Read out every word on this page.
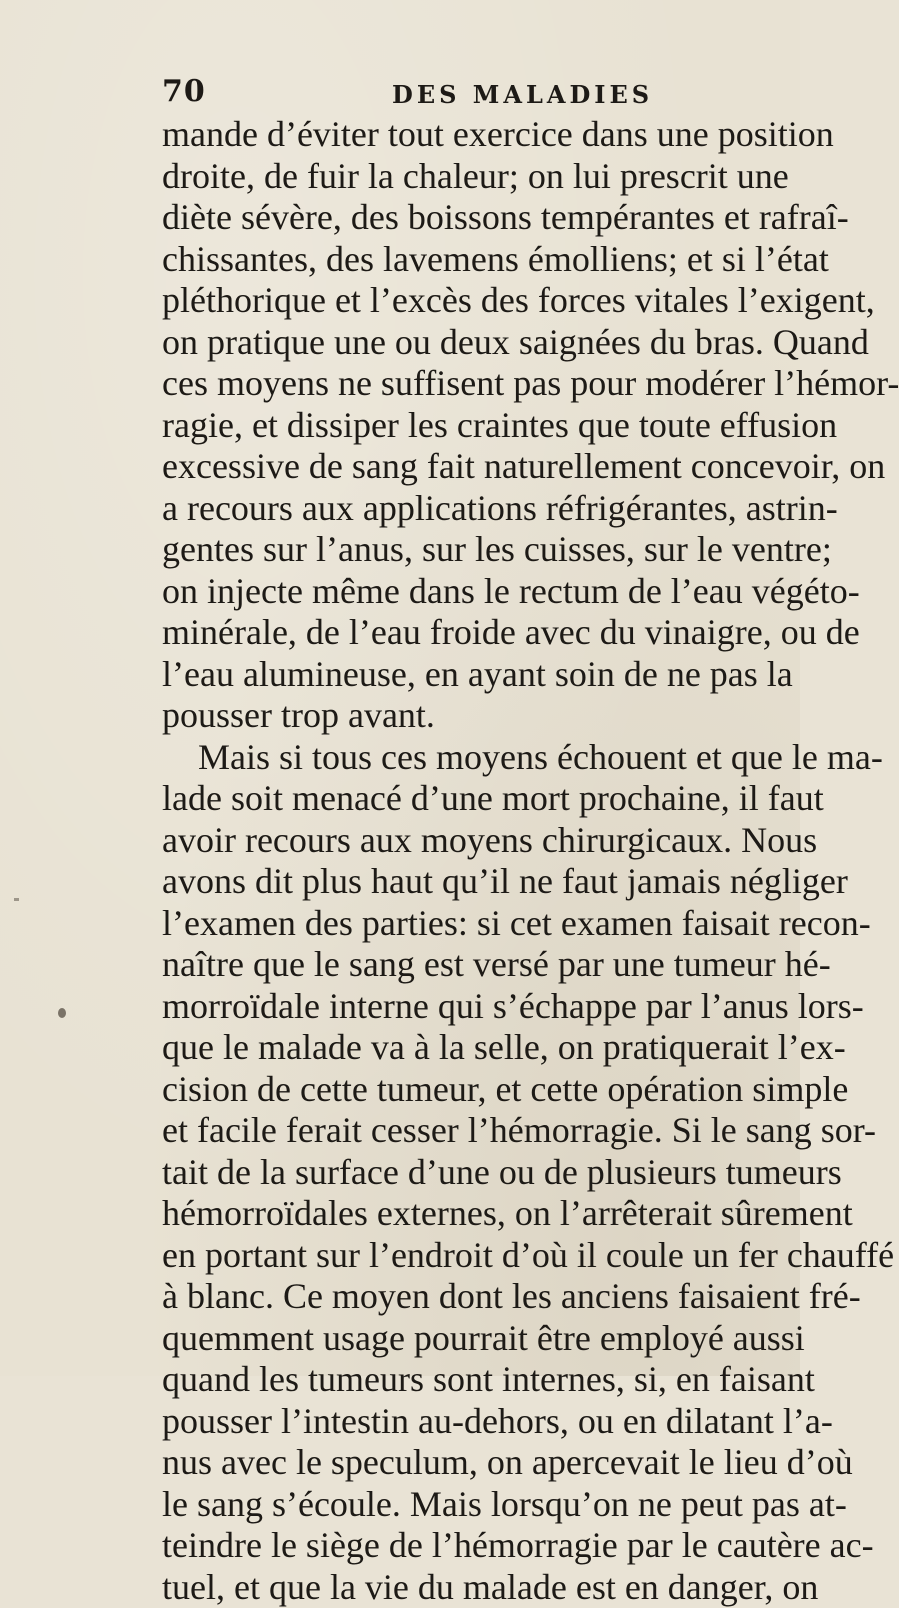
70	DES MALADIES
mande d’éviter tout exercice dans une position
droite, de fuir la chaleur; on lui prescrit une
diète sévère, des boissons tempérantes et rafraî-
chissantes, des lavemens émolliens; et si l’état
pléthorique et l’excès des forces vitales l’exigent,
on pratique une ou deux saignées du bras. Quand
ces moyens ne suffisent pas pour modérer l’hémor-
ragie, et dissiper les craintes que toute effusion
excessive de sang fait naturellement concevoir, on
a recours aux applications réfrigérantes, astrin-
gentes sur l’anus, sur les cuisses, sur le ventre;
on injecte même dans le rectum de l’eau végéto-
minérale, de l’eau froide avec du vinaigre, ou de
l’eau alumineuse, en ayant soin de ne pas la
pousser trop avant.
Mais si tous ces moyens échouent et que le ma-
lade soit menacé d’une mort prochaine, il faut
avoir recours aux moyens chirurgicaux. Nous
avons dit plus haut qu’il ne faut jamais négliger
l’examen des parties: si cet examen faisait recon-
naître que le sang est versé par une tumeur hé-
morroïdale interne qui s’échappe par l’anus lors-
que le malade va à la selle, on pratiquerait l’ex-
cision de cette tumeur, et cette opération simple
et facile ferait cesser l’hémorragie. Si le sang sor-
tait de la surface d’une ou de plusieurs tumeurs
hémorroïdales externes, on l’arrêterait sûrement
en portant sur l’endroit d’où il coule un fer chauffé
à blanc. Ce moyen dont les anciens faisaient fré-
quemment usage pourrait être employé aussi
quand les tumeurs sont internes, si, en faisant
pousser l’intestin au-dehors, ou en dilatant l’a-
nus avec le speculum, on apercevait le lieu d’où
le sang s’écoule. Mais lorsqu’on ne peut pas at-
teindre le siège de l’hémorragie par le cautère ac-
tuel, et que la vie du malade est en danger, on
